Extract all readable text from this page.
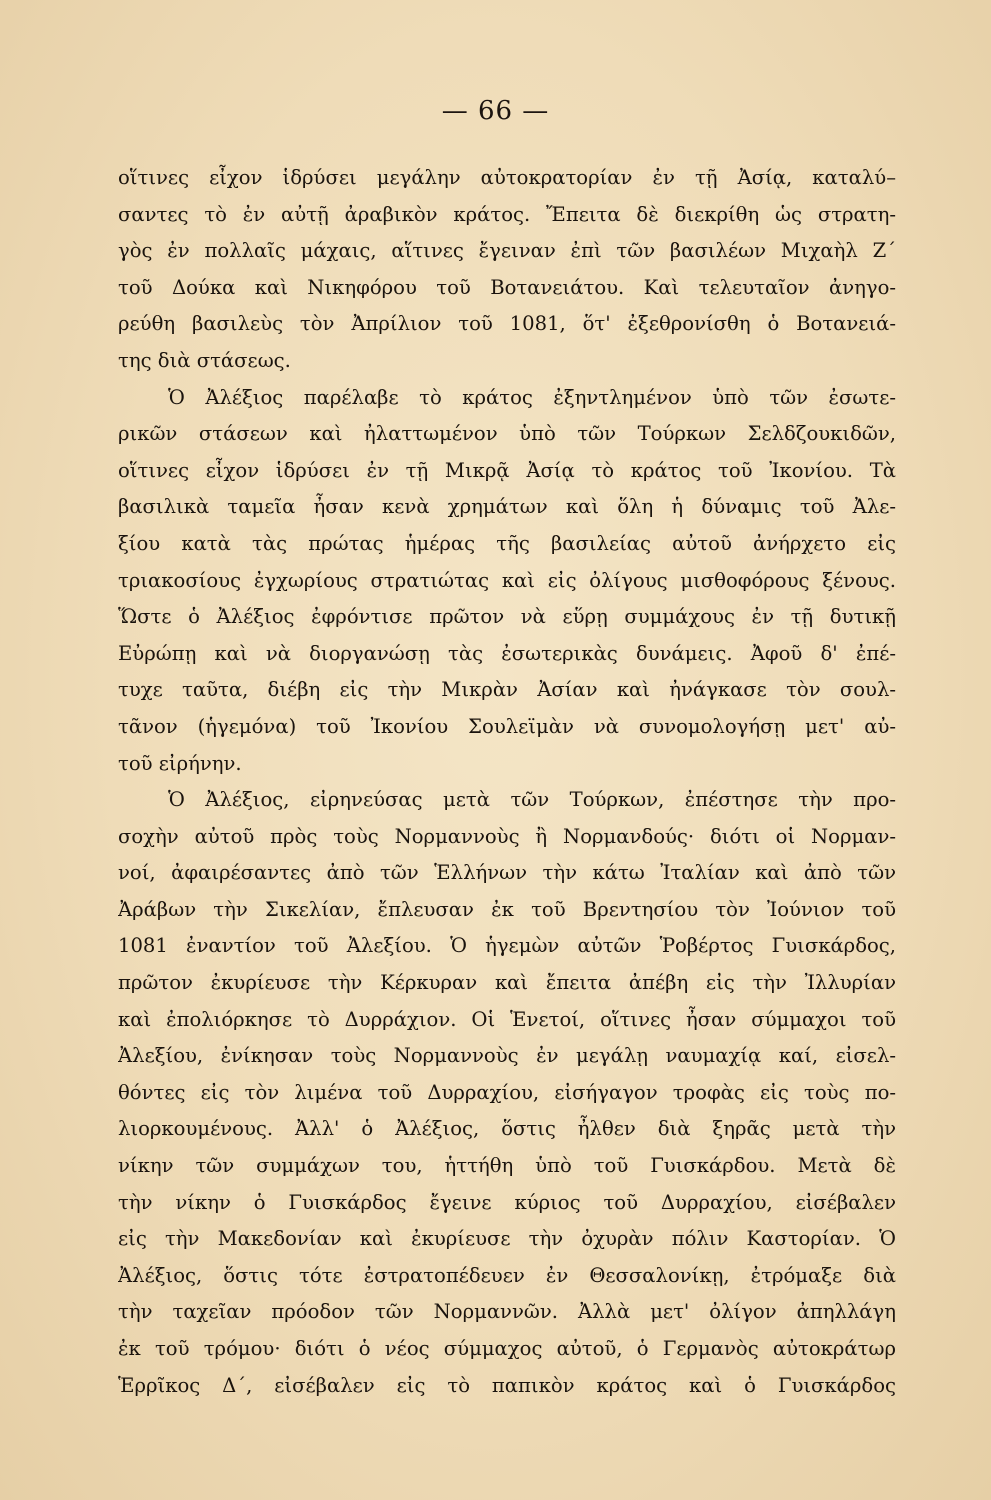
— 66 —
οἵτινες εἶχον ἱδρύσει μεγάλην αὐτοκρατορίαν ἐν τῇ Ἀσίᾳ, καταλύ–
σαντες τὸ ἐν αὐτῇ ἀραβικὸν κράτος. Ἔπειτα δὲ διεκρίθη ὡς στρατη-
γὸς ἐν πολλαῖς μάχαις, αἵτινες ἔγειναν ἐπὶ τῶν βασιλέων Μιχαὴλ Ζ΄
τοῦ Δούκα καὶ Νικηφόρου τοῦ Βοτανειάτου. Καὶ τελευταῖον ἀνηγο-
ρεύθη βασιλεὺς τὸν Ἀπρίλιον τοῦ 1081, ὅτ' ἐξεθρονίσθη ὁ Βοτανειά-
της διὰ στάσεως.
Ὁ Ἀλέξιος παρέλαβε τὸ κράτος ἐξηντλημένον ὑπὸ τῶν ἐσωτε-
ρικῶν στάσεων καὶ ἠλαττωμένον ὑπὸ τῶν Τούρκων Σελδζουκιδῶν,
οἵτινες εἶχον ἱδρύσει ἐν τῇ Μικρᾷ Ἀσίᾳ τὸ κράτος τοῦ Ἰκονίου. Τὰ
βασιλικὰ ταμεῖα ἦσαν κενὰ χρημάτων καὶ ὅλη ἡ δύναμις τοῦ Ἀλε-
ξίου κατὰ τὰς πρώτας ἡμέρας τῆς βασιλείας αὐτοῦ ἀνήρχετο εἰς
τριακοσίους ἐγχωρίους στρατιώτας καὶ εἰς ὀλίγους μισθοφόρους ξένους.
Ὥστε ὁ Ἀλέξιος ἐφρόντισε πρῶτον νὰ εὕρῃ συμμάχους ἐν τῇ δυτικῇ
Εὐρώπῃ καὶ νὰ διοργανώσῃ τὰς ἐσωτερικὰς δυνάμεις. Ἀφοῦ δ' ἐπέ-
τυχε ταῦτα, διέβη εἰς τὴν Μικρὰν Ἀσίαν καὶ ἠνάγκασε τὸν σουλ-
τᾶνον (ἡγεμόνα) τοῦ Ἰκονίου Σουλεϊμὰν νὰ συνομολογήσῃ μετ' αὐ-
τοῦ εἰρήνην.
Ὁ Ἀλέξιος, εἰρηνεύσας μετὰ τῶν Τούρκων, ἐπέστησε τὴν προ-
σοχὴν αὐτοῦ πρὸς τοὺς Νορμαννοὺς ἢ Νορμανδούς· διότι οἱ Νορμαν-
νοί, ἀφαιρέσαντες ἀπὸ τῶν Ἑλλήνων τὴν κάτω Ἰταλίαν καὶ ἀπὸ τῶν
Ἀράβων τὴν Σικελίαν, ἔπλευσαν ἐκ τοῦ Βρεντησίου τὸν Ἰούνιον τοῦ
1081 ἐναντίον τοῦ Ἀλεξίου. Ὁ ἡγεμὼν αὐτῶν Ῥοβέρτος Γυισκάρδος,
πρῶτον ἐκυρίευσε τὴν Κέρκυραν καὶ ἔπειτα ἀπέβη εἰς τὴν Ἰλλυρίαν
καὶ ἐπολιόρκησε τὸ Δυρράχιον. Οἱ Ἑνετοί, οἵτινες ἦσαν σύμμαχοι τοῦ
Ἀλεξίου, ἐνίκησαν τοὺς Νορμαννοὺς ἐν μεγάλῃ ναυμαχίᾳ καί, εἰσελ-
θόντες εἰς τὸν λιμένα τοῦ Δυρραχίου, εἰσήγαγον τροφὰς εἰς τοὺς πο-
λιορκουμένους. Ἀλλ' ὁ Ἀλέξιος, ὅστις ἦλθεν διὰ ξηρᾶς μετὰ τὴν
νίκην τῶν συμμάχων του, ἡττήθη ὑπὸ τοῦ Γυισκάρδου. Μετὰ δὲ
τὴν νίκην ὁ Γυισκάρδος ἔγεινε κύριος τοῦ Δυρραχίου, εἰσέβαλεν
εἰς τὴν Μακεδονίαν καὶ ἐκυρίευσε τὴν ὀχυρὰν πόλιν Καστορίαν. Ὁ
Ἀλέξιος, ὅστις τότε ἐστρατοπέδευεν ἐν Θεσσαλονίκῃ, ἐτρόμαξε διὰ
τὴν ταχεῖαν πρόοδον τῶν Νορμαννῶν. Ἀλλὰ μετ' ὀλίγον ἀπηλλάγη
ἐκ τοῦ τρόμου· διότι ὁ νέος σύμμαχος αὐτοῦ, ὁ Γερμανὸς αὐτοκράτωρ
Ἑρρῖκος Δ΄, εἰσέβαλεν εἰς τὸ παπικὸν κράτος καὶ ὁ Γυισκάρδος
